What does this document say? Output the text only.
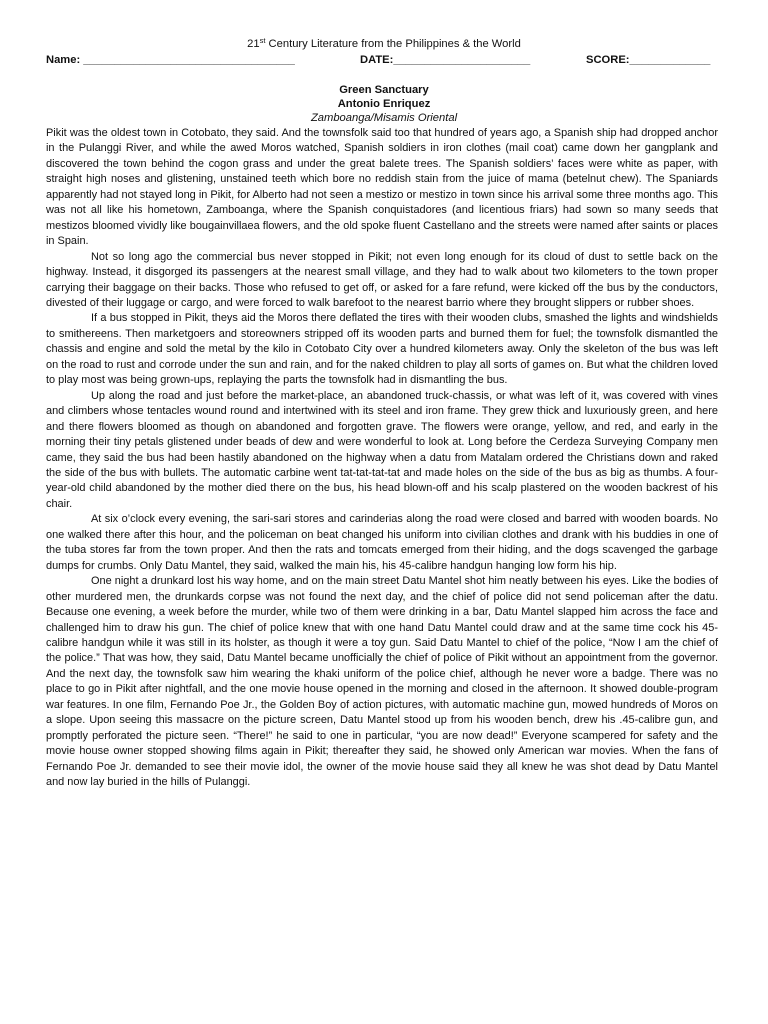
21st Century Literature from the Philippines & the World
Name: __________________________________	DATE:______________________	SCORE:_____________
Green Sanctuary
Antonio Enriquez
Zamboanga/Misamis Oriental

Pikit was the oldest town in Cotobato, they said. And the townsfolk said too that hundred of years ago, a Spanish ship had dropped anchor in the Pulanggi River, and while the awed Moros watched, Spanish soldiers in iron clothes (mail coat) came down her gangplank and discovered the town behind the cogon grass and under the great balete trees. The Spanish soldiers’ faces were white as paper, with straight high noses and glistening, unstained teeth which bore no reddish stain from the juice of mama (betelnut chew). The Spaniards apparently had not stayed long in Pikit, for Alberto had not seen a mestizo or mestizo in town since his arrival some three months ago. This was not all like his hometown, Zamboanga, where the Spanish conquistadores (and licentious friars) had sown so many seeds that mestizos bloomed vividly like bougainvillaea flowers, and the old spoke fluent Castellano and the streets were named after saints or places in Spain.

Not so long ago the commercial bus never stopped in Pikit; not even long enough for its cloud of dust to settle back on the highway. Instead, it disgorged its passengers at the nearest small village, and they had to walk about two kilometers to the town proper carrying their baggage on their backs. Those who refused to get off, or asked for a fare refund, were kicked off the bus by the conductors, divested of their luggage or cargo, and were forced to walk barefoot to the nearest barrio where they brought slippers or rubber shoes.

If a bus stopped in Pikit, theys aid the Moros there deflated the tires with their wooden clubs, smashed the lights and windshields to smithereens. Then marketgoers and storeowners stripped off its wooden parts and burned them for fuel; the townsfolk dismantled the chassis and engine and sold the metal by the kilo in Cotobato City over a hundred kilometers away. Only the skeleton of the bus was left on the road to rust and corrode under the sun and rain, and for the naked children to play all sorts of games on. But what the children loved to play most was being grown-ups, replaying the parts the townsfolk had in dismantling the bus.

Up along the road and just before the market-place, an abandoned truck-chassis, or what was left of it, was covered with vines and climbers whose tentacles wound round and intertwined with its steel and iron frame. They grew thick and luxuriously green, and here and there flowers bloomed as though on abandoned and forgotten grave. The flowers were orange, yellow, and red, and early in the morning their tiny petals glistened under beads of dew and were wonderful to look at. Long before the Cerdeza Surveying Company men came, they said the bus had been hastily abandoned on the highway when a datu from Matalam ordered the Christians down and raked the side of the bus with bullets. The automatic carbine went tat-tat-tat-tat and made holes on the side of the bus as big as thumbs. A four-year-old child abandoned by the mother died there on the bus, his head blown-off and his scalp plastered on the wooden backrest of his chair.

At six o’clock every evening, the sari-sari stores and carinderias along the road were closed and barred with wooden boards. No one walked there after this hour, and the policeman on beat changed his uniform into civilian clothes and drank with his buddies in one of the tuba stores far from the town proper. And then the rats and tomcats emerged from their hiding, and the dogs scavenged the garbage dumps for crumbs. Only Datu Mantel, they said, walked the main his, his 45-calibre handgun hanging low form his hip.

One night a drunkard lost his way home, and on the main street Datu Mantel shot him neatly between his eyes. Like the bodies of other murdered men, the drunkards corpse was not found the next day, and the chief of police did not send policeman after the datu. Because one evening, a week before the murder, while two of them were drinking in a bar, Datu Mantel slapped him across the face and challenged him to draw his gun. The chief of police knew that with one hand Datu Mantel could draw and at the same time cock his 45-calibre handgun while it was still in its holster, as though it were a toy gun. Said Datu Mantel to chief of the police, “Now I am the chief of the police.” That was how, they said, Datu Mantel became unofficially the chief of police of Pikit without an appointment from the governor. And the next day, the townsfolk saw him wearing the khaki uniform of the police chief, although he never wore a badge. There was no place to go in Pikit after nightfall, and the one movie house opened in the morning and closed in the afternoon. It showed double-program war features. In one film, Fernando Poe Jr., the Golden Boy of action pictures, with automatic machine gun, mowed hundreds of Moros on a slope. Upon seeing this massacre on the picture screen, Datu Mantel stood up from his wooden bench, drew his .45-calibre gun, and promptly perforated the picture seen. “There!” he said to one in particular, “you are now dead!” Everyone scampered for safety and the movie house owner stopped showing films again in Pikit; thereafter they said, he showed only American war movies. When the fans of Fernando Poe Jr. demanded to see their movie idol, the owner of the movie house said they all knew he was shot dead by Datu Mantel and now lay buried in the hills of Pulanggi.
